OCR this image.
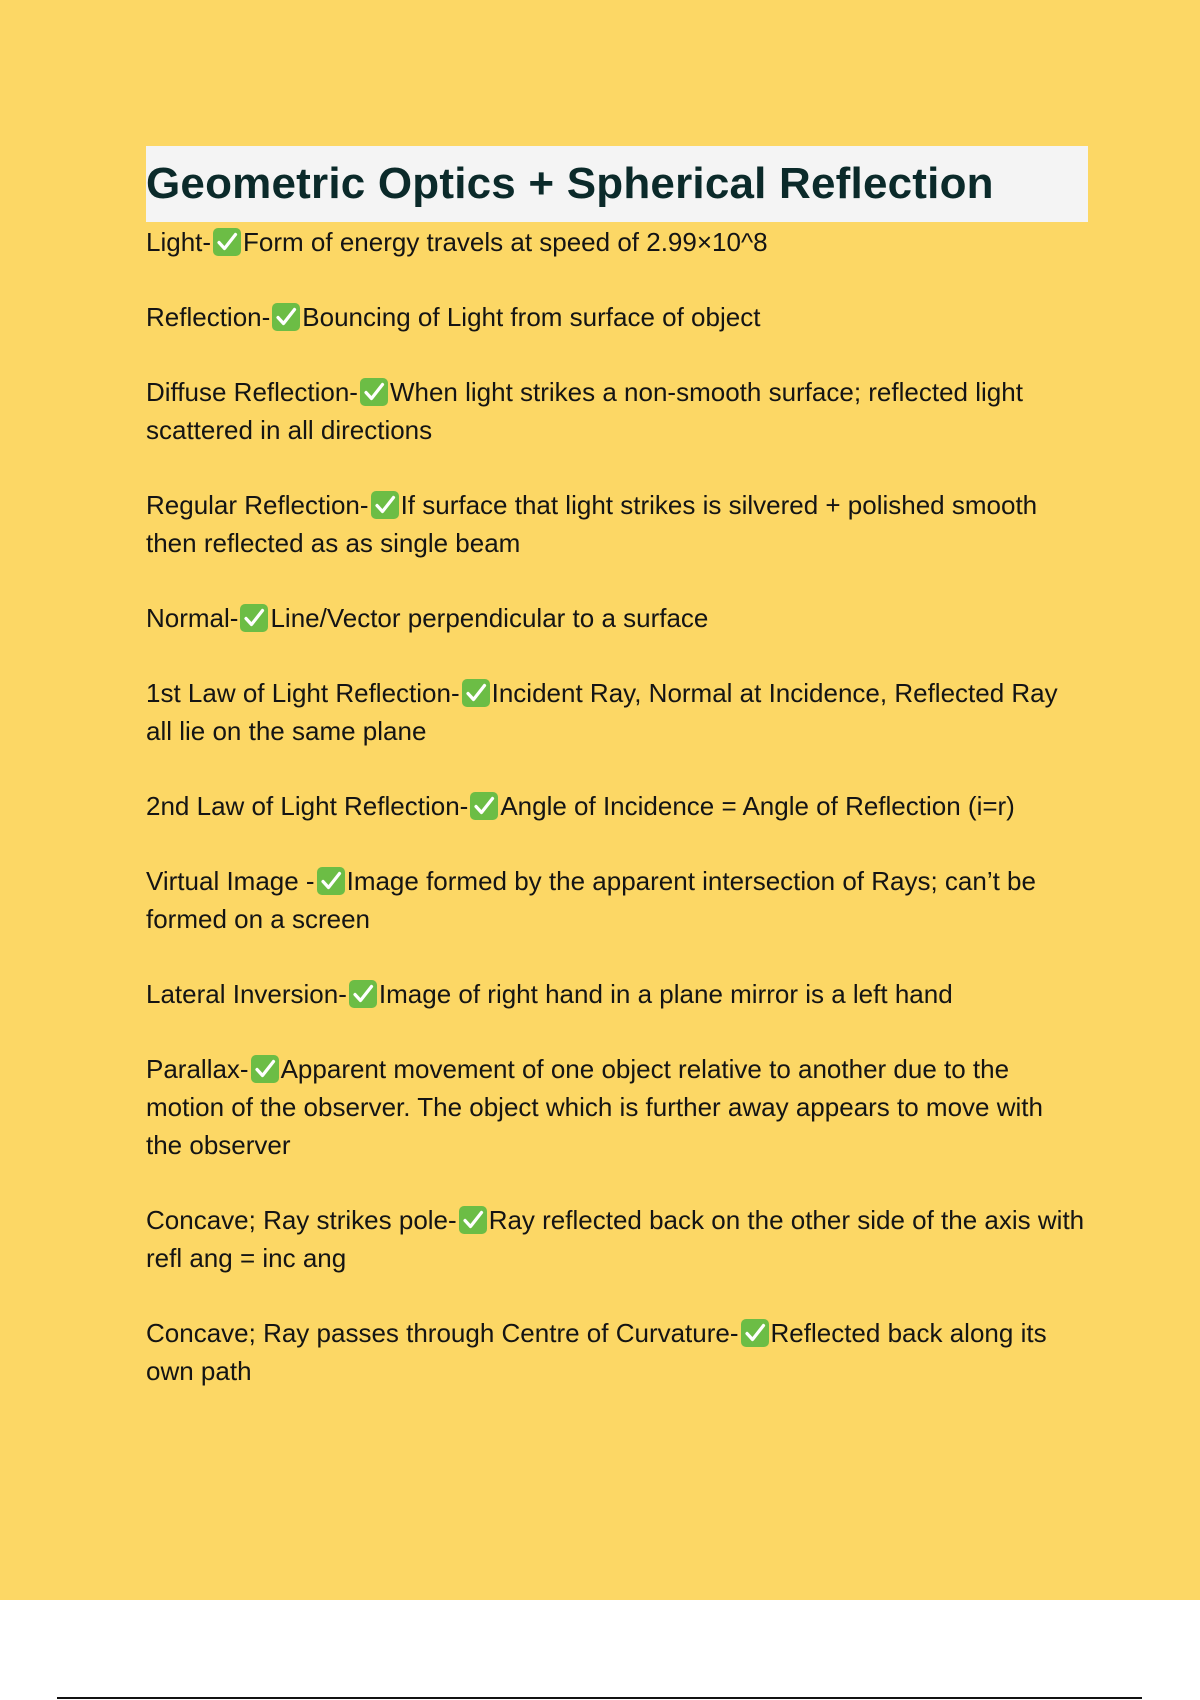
Geometric Optics + Spherical Reflection

Light- Form of energy travels at speed of 2.99×10^8

Reflection- Bouncing of Light from surface of object

Diffuse Reflection- When light strikes a non-smooth surface; reflected light scattered in all directions

Regular Reflection- If surface that light strikes is silvered + polished smooth then reflected as as single beam

Normal- Line/Vector perpendicular to a surface

1st Law of Light Reflection- Incident Ray, Normal at Incidence, Reflected Ray all lie on the same plane

2nd Law of Light Reflection- Angle of Incidence = Angle of Reflection (i=r)

Virtual Image - Image formed by the apparent intersection of Rays; can’t be formed on a screen

Lateral Inversion- Image of right hand in a plane mirror is a left hand

Parallax- Apparent movement of one object relative to another due to the motion of the observer. The object which is further away appears to move with the observer

Concave; Ray strikes pole- Ray reflected back on the other side of the axis with refl ang = inc ang

Concave; Ray passes through Centre of Curvature- Reflected back along its own path
